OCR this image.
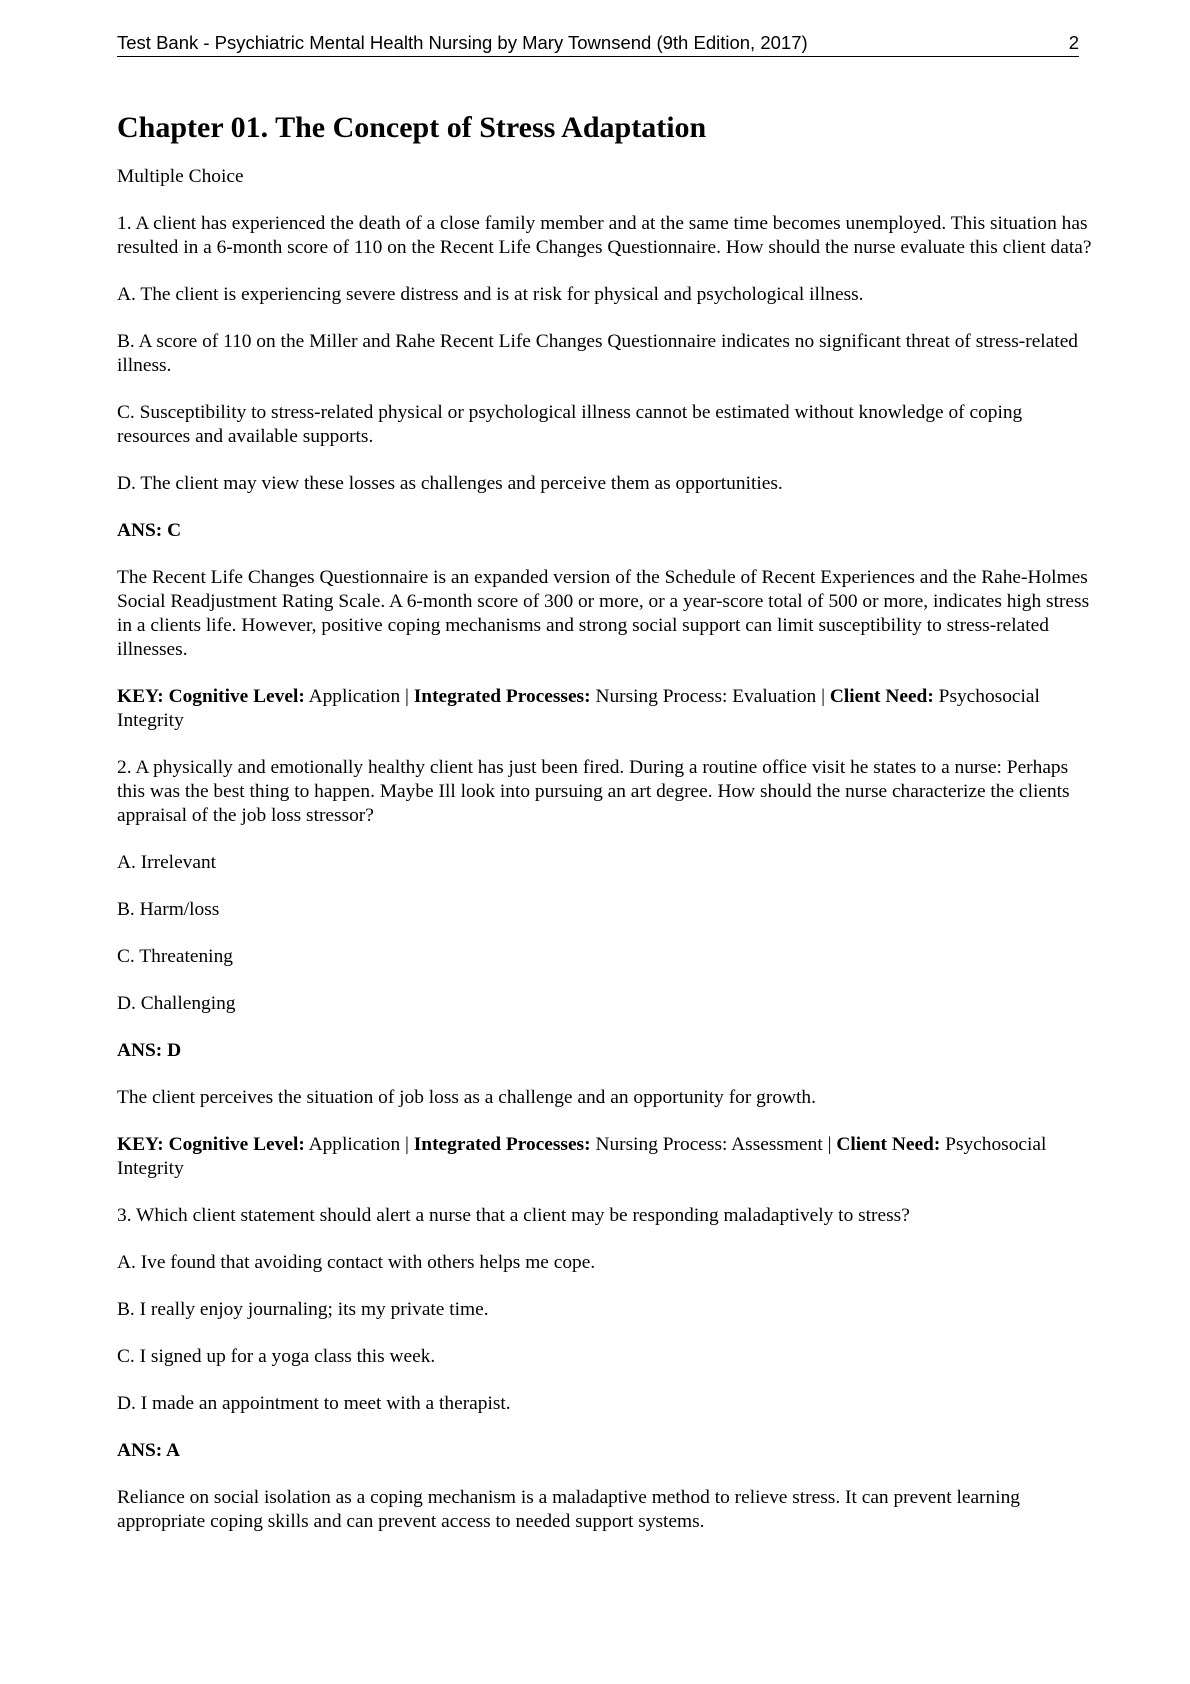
Test Bank - Psychiatric Mental Health Nursing by Mary Townsend (9th Edition, 2017)	2
Chapter 01. The Concept of Stress Adaptation

Multiple Choice

1. A client has experienced the death of a close family member and at the same time becomes unemployed. This situation has resulted in a 6-month score of 110 on the Recent Life Changes Questionnaire. How should the nurse evaluate this client data?

A. The client is experiencing severe distress and is at risk for physical and psychological illness.

B. A score of 110 on the Miller and Rahe Recent Life Changes Questionnaire indicates no significant threat of stress-related illness.

C. Susceptibility to stress-related physical or psychological illness cannot be estimated without knowledge of coping resources and available supports.

D. The client may view these losses as challenges and perceive them as opportunities.

ANS: C

The Recent Life Changes Questionnaire is an expanded version of the Schedule of Recent Experiences and the Rahe-Holmes Social Readjustment Rating Scale. A 6-month score of 300 or more, or a year-score total of 500 or more, indicates high stress in a clients life. However, positive coping mechanisms and strong social support can limit susceptibility to stress-related illnesses.

KEY: Cognitive Level: Application | Integrated Processes: Nursing Process: Evaluation | Client Need: Psychosocial Integrity

2. A physically and emotionally healthy client has just been fired. During a routine office visit he states to a nurse: Perhaps this was the best thing to happen. Maybe Ill look into pursuing an art degree. How should the nurse characterize the clients appraisal of the job loss stressor?

A. Irrelevant

B. Harm/loss

C. Threatening

D. Challenging

ANS: D

The client perceives the situation of job loss as a challenge and an opportunity for growth.

KEY: Cognitive Level: Application | Integrated Processes: Nursing Process: Assessment | Client Need: Psychosocial Integrity

3. Which client statement should alert a nurse that a client may be responding maladaptively to stress?

A. Ive found that avoiding contact with others helps me cope.

B. I really enjoy journaling; its my private time.

C. I signed up for a yoga class this week.

D. I made an appointment to meet with a therapist.

ANS: A

Reliance on social isolation as a coping mechanism is a maladaptive method to relieve stress. It can prevent learning appropriate coping skills and can prevent access to needed support systems.
